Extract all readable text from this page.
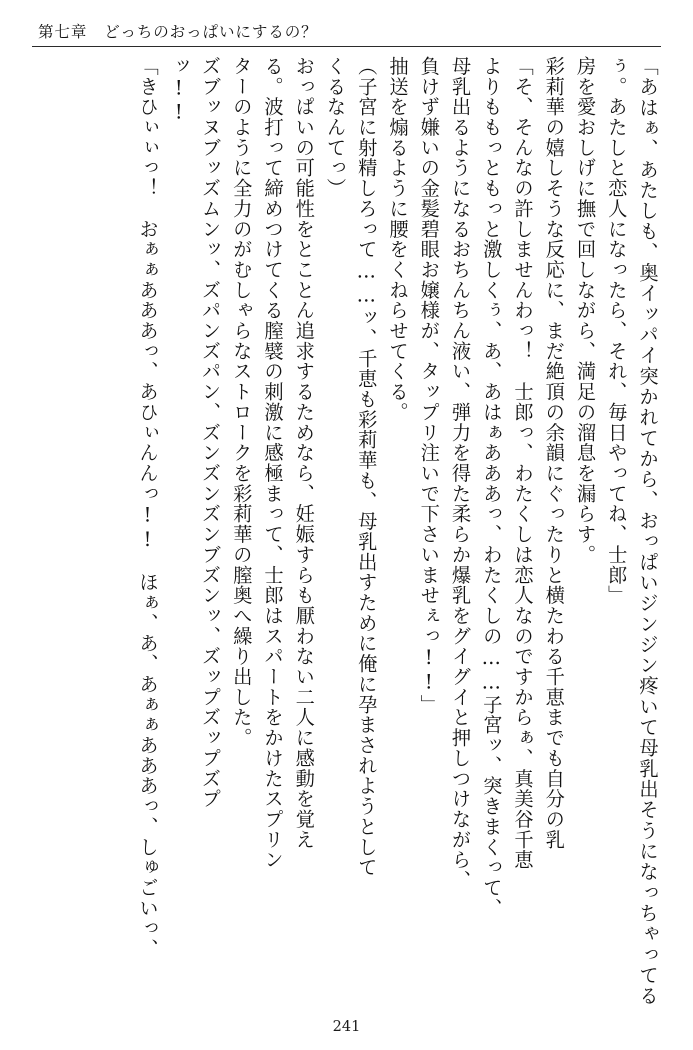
第七章 どっちのおっぱいにするの？

「あはぁ、あたしも、奥イッパイ突かれてから、おっぱいジンジン疼いて母乳出そうになっちゃってるぅ。あたしと恋人になったら、それ、毎日やってね、士郎」

房を愛おしげに撫で回しながら、満足の溜息を漏らす。

彩莉華の嬉しそうな反応に、まだ絶頂の余韻にぐったりと横たわる千恵までも自分の乳

「そ、そんなの許しませんわっ！　士郎っ、わたくしは恋人なのですからぁ、真美谷千恵

よりももっともっと激しくぅ、あ、あはぁあああっ、わたくしの……子宮ッ、突きまくって、

母乳出るようになるおちんちん液い、弾力を得た柔らか爆乳をグイグイと押しつけながら、

負けず嫌いの金髪碧眼お嬢様が、タップリ注いで下さいませぇっ!!」

抽送を煽るように腰をくねらせてくる。

（子宮に射精しろって……ッ、千恵も彩莉華も、母乳出すために俺に孕まされようとして

くるなんてっ）

おっぱいの可能性をとことん追求するためなら、妊娠すらも厭わない二人に感動を覚え

る。波打って締めつけてくる膣襞の刺激に感極まって、士郎はスパートをかけたスプリン

ターのように全力のがむしゃらなストロークを彩莉華の膣奥へ繰り出した。

ズブッヌブッズムンッ、ズパンズパン、ズンズンズンブズンッ、ズップズップズプ

ッ!!

「きひぃぃっ！　おぁぁあああっ、あひぃんんっ!!　ほぁ、あ、あぁぁあああっ、しゅごいっ、

241
